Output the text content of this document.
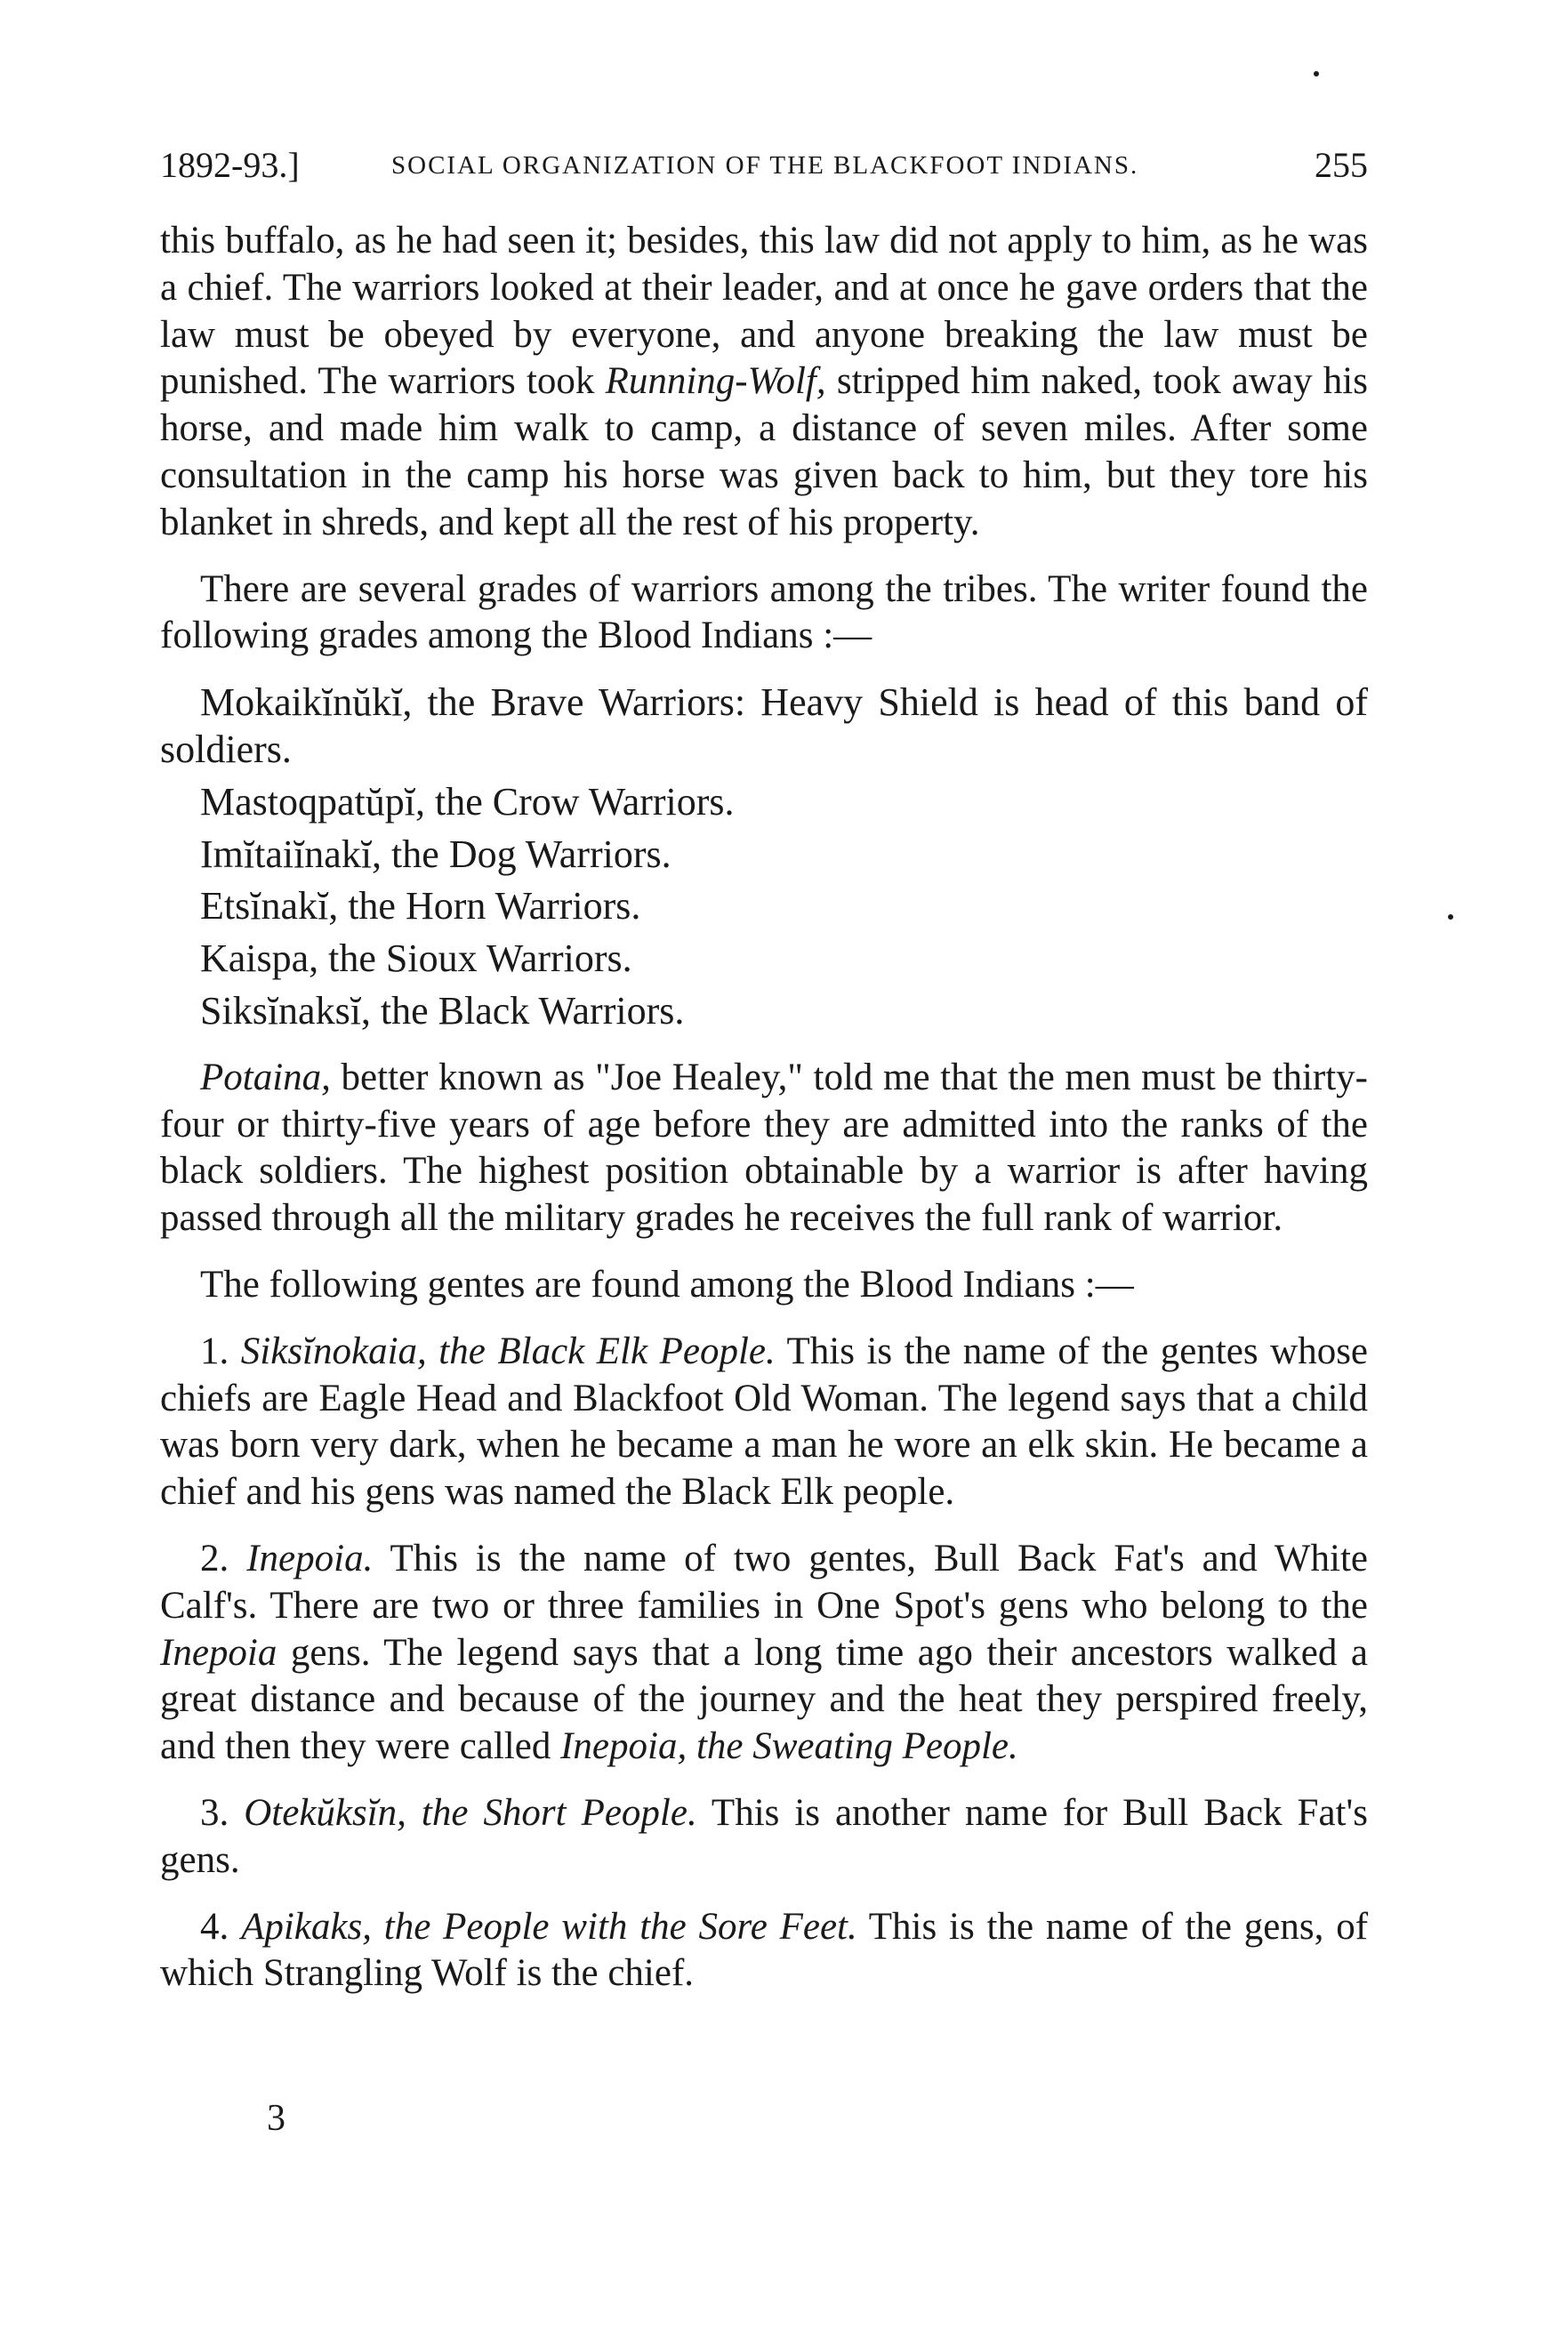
1892-93.]	SOCIAL ORGANIZATION OF THE BLACKFOOT INDIANS.	255

this buffalo, as he had seen it; besides, this law did not apply to him, as he was a chief. The warriors looked at their leader, and at once he gave orders that the law must be obeyed by everyone, and anyone breaking the law must be punished. The warriors took Running-Wolf, stripped him naked, took away his horse, and made him walk to camp, a distance of seven miles. After some consultation in the camp his horse was given back to him, but they tore his blanket in shreds, and kept all the rest of his property.

There are several grades of warriors among the tribes. The writer found the following grades among the Blood Indians :—

Mokaikĭnŭkĭ, the Brave Warriors: Heavy Shield is head of this band of soldiers.

Mastoqpatŭpĭ, the Crow Warriors.

Imĭtaiĭnakĭ, the Dog Warriors.

Etsĭnakĭ, the Horn Warriors.

Kaispa, the Sioux Warriors.

Siksĭnaksĭ, the Black Warriors.

Potaina, better known as "Joe Healey," told me that the men must be thirty-four or thirty-five years of age before they are admitted into the ranks of the black soldiers. The highest position obtainable by a warrior is after having passed through all the military grades he receives the full rank of warrior.

The following gentes are found among the Blood Indians :—

1. Siksĭnokaia, the Black Elk People. This is the name of the gentes whose chiefs are Eagle Head and Blackfoot Old Woman. The legend says that a child was born very dark, when he became a man he wore an elk skin. He became a chief and his gens was named the Black Elk people.

2. Inepoia. This is the name of two gentes, Bull Back Fat's and White Calf's. There are two or three families in One Spot's gens who belong to the Inepoia gens. The legend says that a long time ago their ancestors walked a great distance and because of the journey and the heat they perspired freely, and then they were called Inepoia, the Sweating People.

3. Otekŭksĭn, the Short People. This is another name for Bull Back Fat's gens.

4. Apikaks, the People with the Sore Feet. This is the name of the gens, of which Strangling Wolf is the chief.

3
